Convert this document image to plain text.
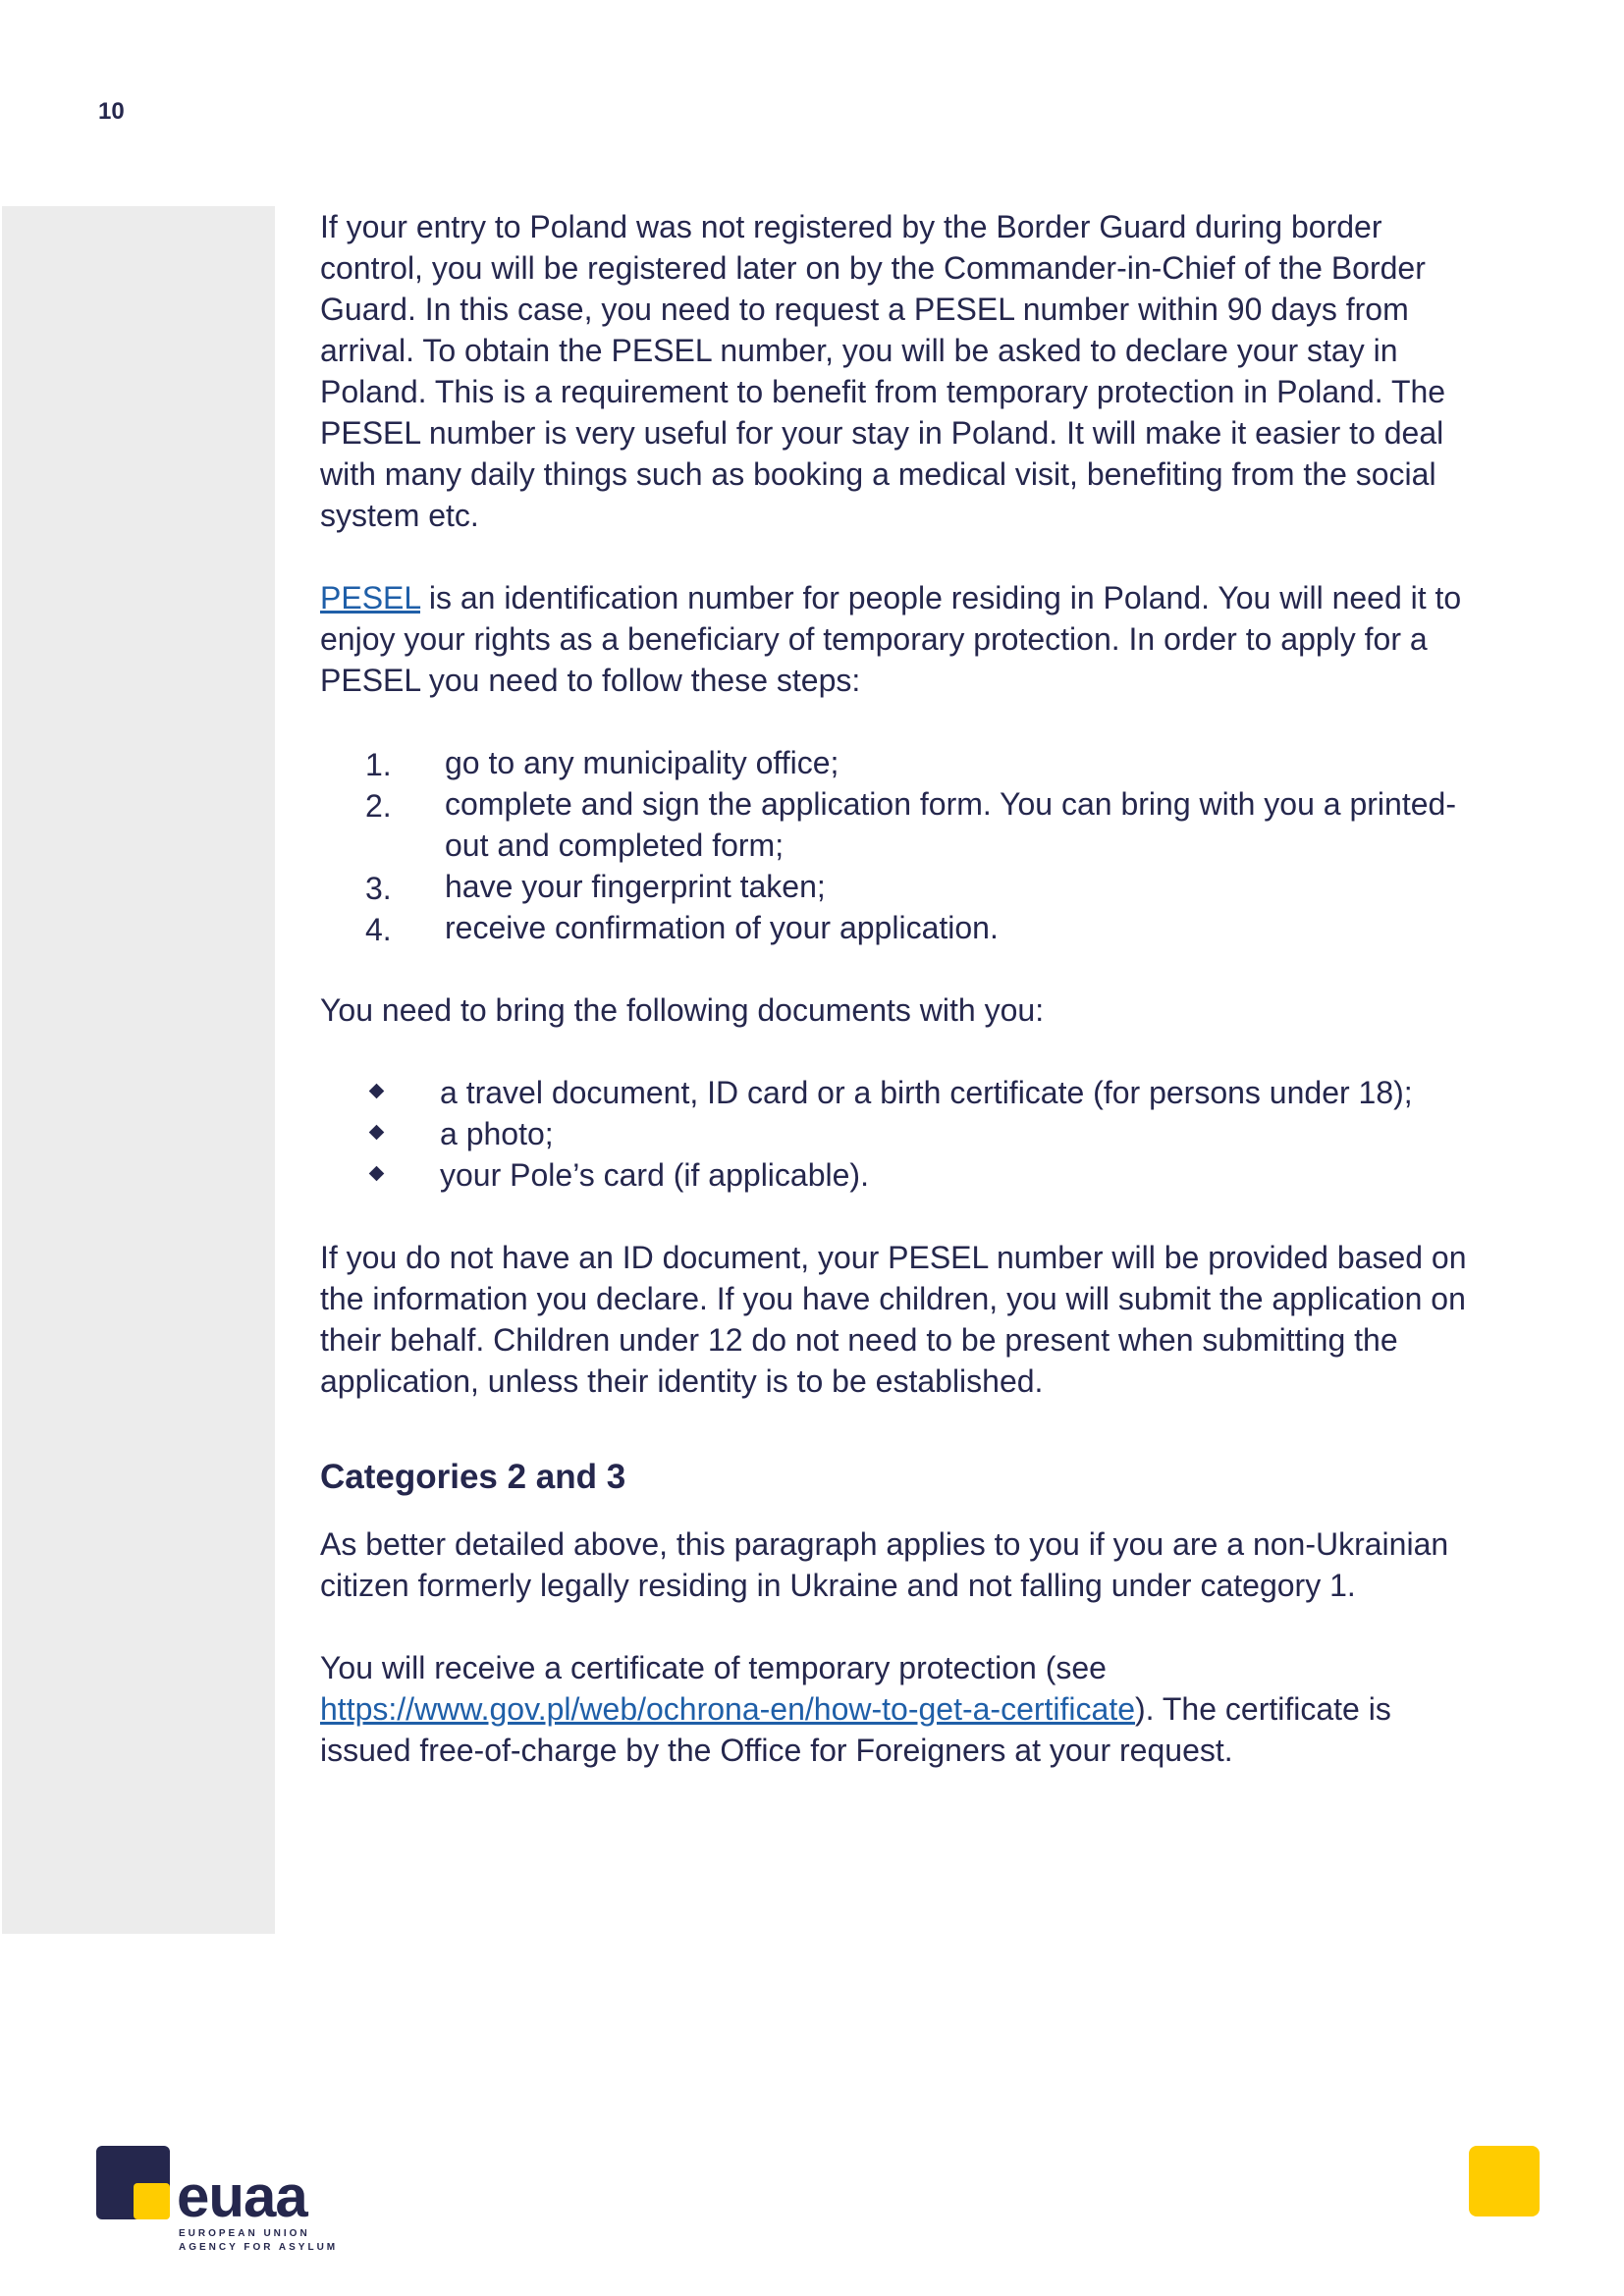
10

If your entry to Poland was not registered by the Border Guard during border control, you will be registered later on by the Commander-in-Chief of the Border Guard. In this case, you need to request a PESEL number within 90 days from arrival. To obtain the PESEL number, you will be asked to declare your stay in Poland. This is a requirement to benefit from temporary protection in Poland. The PESEL number is very useful for your stay in Poland. It will make it easier to deal with many daily things such as booking a medical visit, benefiting from the social system etc.

PESEL is an identification number for people residing in Poland. You will need it to enjoy your rights as a beneficiary of temporary protection. In order to apply for a PESEL you need to follow these steps:

1. go to any municipality office;
2. complete and sign the application form. You can bring with you a printed-out and completed form;
3. have your fingerprint taken;
4. receive confirmation of your application.

You need to bring the following documents with you:

a travel document, ID card or a birth certificate (for persons under 18);
a photo;
your Pole’s card (if applicable).

If you do not have an ID document, your PESEL number will be provided based on the information you declare. If you have children, you will submit the application on their behalf. Children under 12 do not need to be present when submitting the application, unless their identity is to be established.

Categories 2 and 3

As better detailed above, this paragraph applies to you if you are a non-Ukrainian citizen formerly legally residing in Ukraine and not falling under category 1.

You will receive a certificate of temporary protection (see https://www.gov.pl/web/ochrona-en/how-to-get-a-certificate). The certificate is issued free-of-charge by the Office for Foreigners at your request.

euaa
EUROPEAN UNION
AGENCY FOR ASYLUM
